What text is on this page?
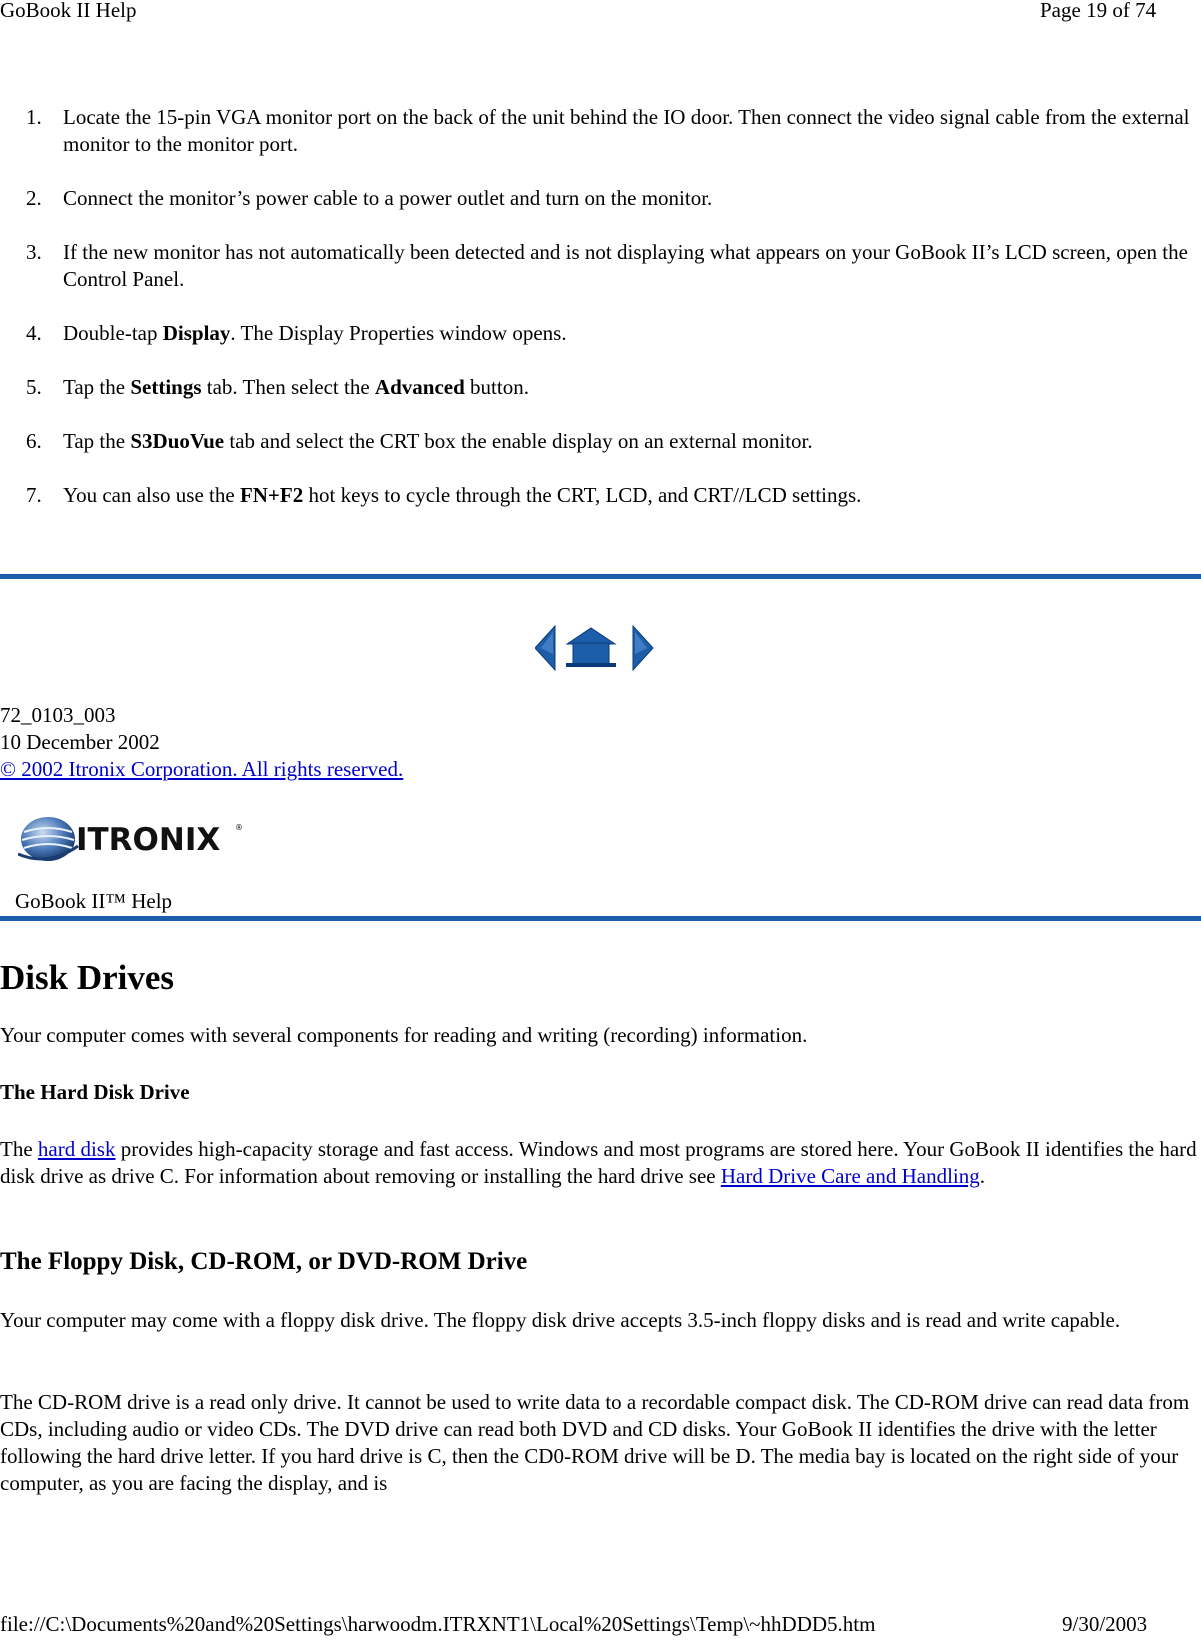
GoBook II Help	Page 19 of 74
1. Locate the 15-pin VGA monitor port on the back of the unit behind the IO door. Then connect the video signal cable from the external monitor to the monitor port.
2. Connect the monitor’s power cable to a power outlet and turn on the monitor.
3. If the new monitor has not automatically been detected and is not displaying what appears on your GoBook II’s LCD screen, open the Control Panel.
4. Double-tap Display. The Display Properties window opens.
5. Tap the Settings tab. Then select the Advanced button.
6. Tap the S3DuoVue tab and select the CRT box the enable display on an external monitor.
7. You can also use the FN+F2 hot keys to cycle through the CRT, LCD, and CRT//LCD settings.
72_0103_003
10 December 2002
© 2002 Itronix Corporation. All rights reserved.
ITRONIX ®
GoBook II™ Help
Disk Drives
Your computer comes with several components for reading and writing (recording) information.
The Hard Disk Drive
The hard disk provides high-capacity storage and fast access. Windows and most programs are stored here. Your GoBook II identifies the hard disk drive as drive C. For information about removing or installing the hard drive see Hard Drive Care and Handling.
The Floppy Disk, CD-ROM, or DVD-ROM Drive
Your computer may come with a floppy disk drive. The floppy disk drive accepts 3.5-inch floppy disks and is read and write capable.
The CD-ROM drive is a read only drive. It cannot be used to write data to a recordable compact disk. The CD-ROM drive can read data from CDs, including audio or video CDs. The DVD drive can read both DVD and CD disks. Your GoBook II identifies the drive with the letter following the hard drive letter. If you hard drive is C, then the CD0-ROM drive will be D. The media bay is located on the right side of your computer, as you are facing the display, and is
file://C:\Documents%20and%20Settings\harwoodm.ITRXNT1\Local%20Settings\Temp\~hhDDD5.htm	9/30/2003
